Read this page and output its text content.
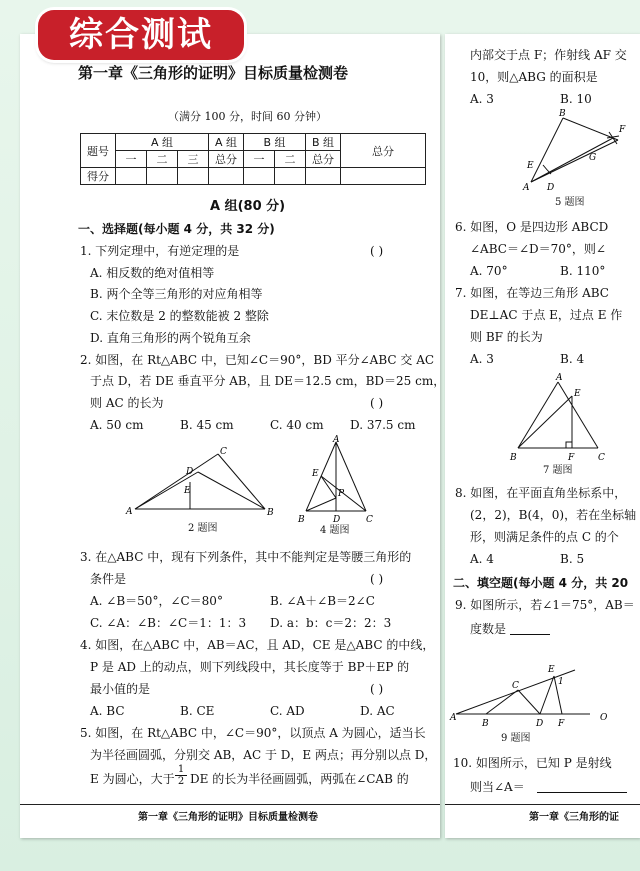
第一章《三角形的证明》目标质量检测卷
（满分 100 分，时间 60 分钟）
题号	A 组			A 组	B 组		B 组	总分
	一	二	三	总分	一	二	总分	
得分								
A 组(80 分)
一、选择题(每小题 4 分，共 32 分)
1. 下列定理中，有逆定理的是	( )
A. 相反数的绝对值相等
B. 两个全等三角形的对应角相等
C. 末位数是 2 的整数能被 2 整除
D. 直角三角形的两个锐角互余
2. 如图，在 Rt△ABC 中，已知∠C＝90°，BD 平分∠ABC 交 AC
于点 D，若 DE 垂直平分 AB，且 DE＝12.5 cm，BD＝25 cm，
则 AC 的长为	( )
A. 50 cm	B. 45 cm	C. 40 cm D. 37.5 cm
A	B
C
D
E
2 题图
A
B	C
D
E
P
4 题图
3. 在△ABC 中，现有下列条件，其中不能判定是等腰三角形的
条件是	( )
A. ∠B＝50°，∠C＝80°	B. ∠A＋∠B＝2∠C
C. ∠A：∠B：∠C＝1：1：3 D. a：b：c＝2：2：3
4. 如图，在△ABC 中，AB＝AC，且 AD，CE 是△ABC 的中线，
P 是 AD 上的动点，则下列线段中，其长度等于 BP＋EP 的
最小值的是	( )
A. BC	B. CE	C. AD	D. AC
5. 如图，在 Rt△ABC 中，∠C＝90°，以顶点 A 为圆心，适当长
为半径画圆弧，分别交 AB，AC 于 D，E 两点；再分别以点 D，
E 为圆心，大于 $\frac{1}{2}$ DE 的长为半径画圆弧，两弧在∠CAB 的
第一章《三角形的证明》目标质量检测卷
内部交于点 F；作射线 AF 交
10，则△ABG 的面积是
A. 3	B. 10
A
B
E
D
F
G
5 题图
6. 如图，O 是四边形 ABCD
∠ABC＝∠D＝70°，则∠
A. 70°	B. 110°
7. 如图，在等边三角形 ABC
DE⊥AC 于点 E，过点 E 作
则 BF 的长为
A. 3	B. 4
A
B	C
E
F
7 题图
8. 如图，在平面直角坐标系中，
(2，2)，B(4，0)，若在坐标轴
形，则满足条件的点 C 的个
A. 4	B. 5
二、填空题(每小题 4 分，共 20
9. 如图所示，若∠1＝75°，AB＝
度数是
A
B
C
D
E
F
1
O
9 题图
10. 如图所示，已知 P 是射线
则当∠A＝
第一章《三角形的证
综合测试
